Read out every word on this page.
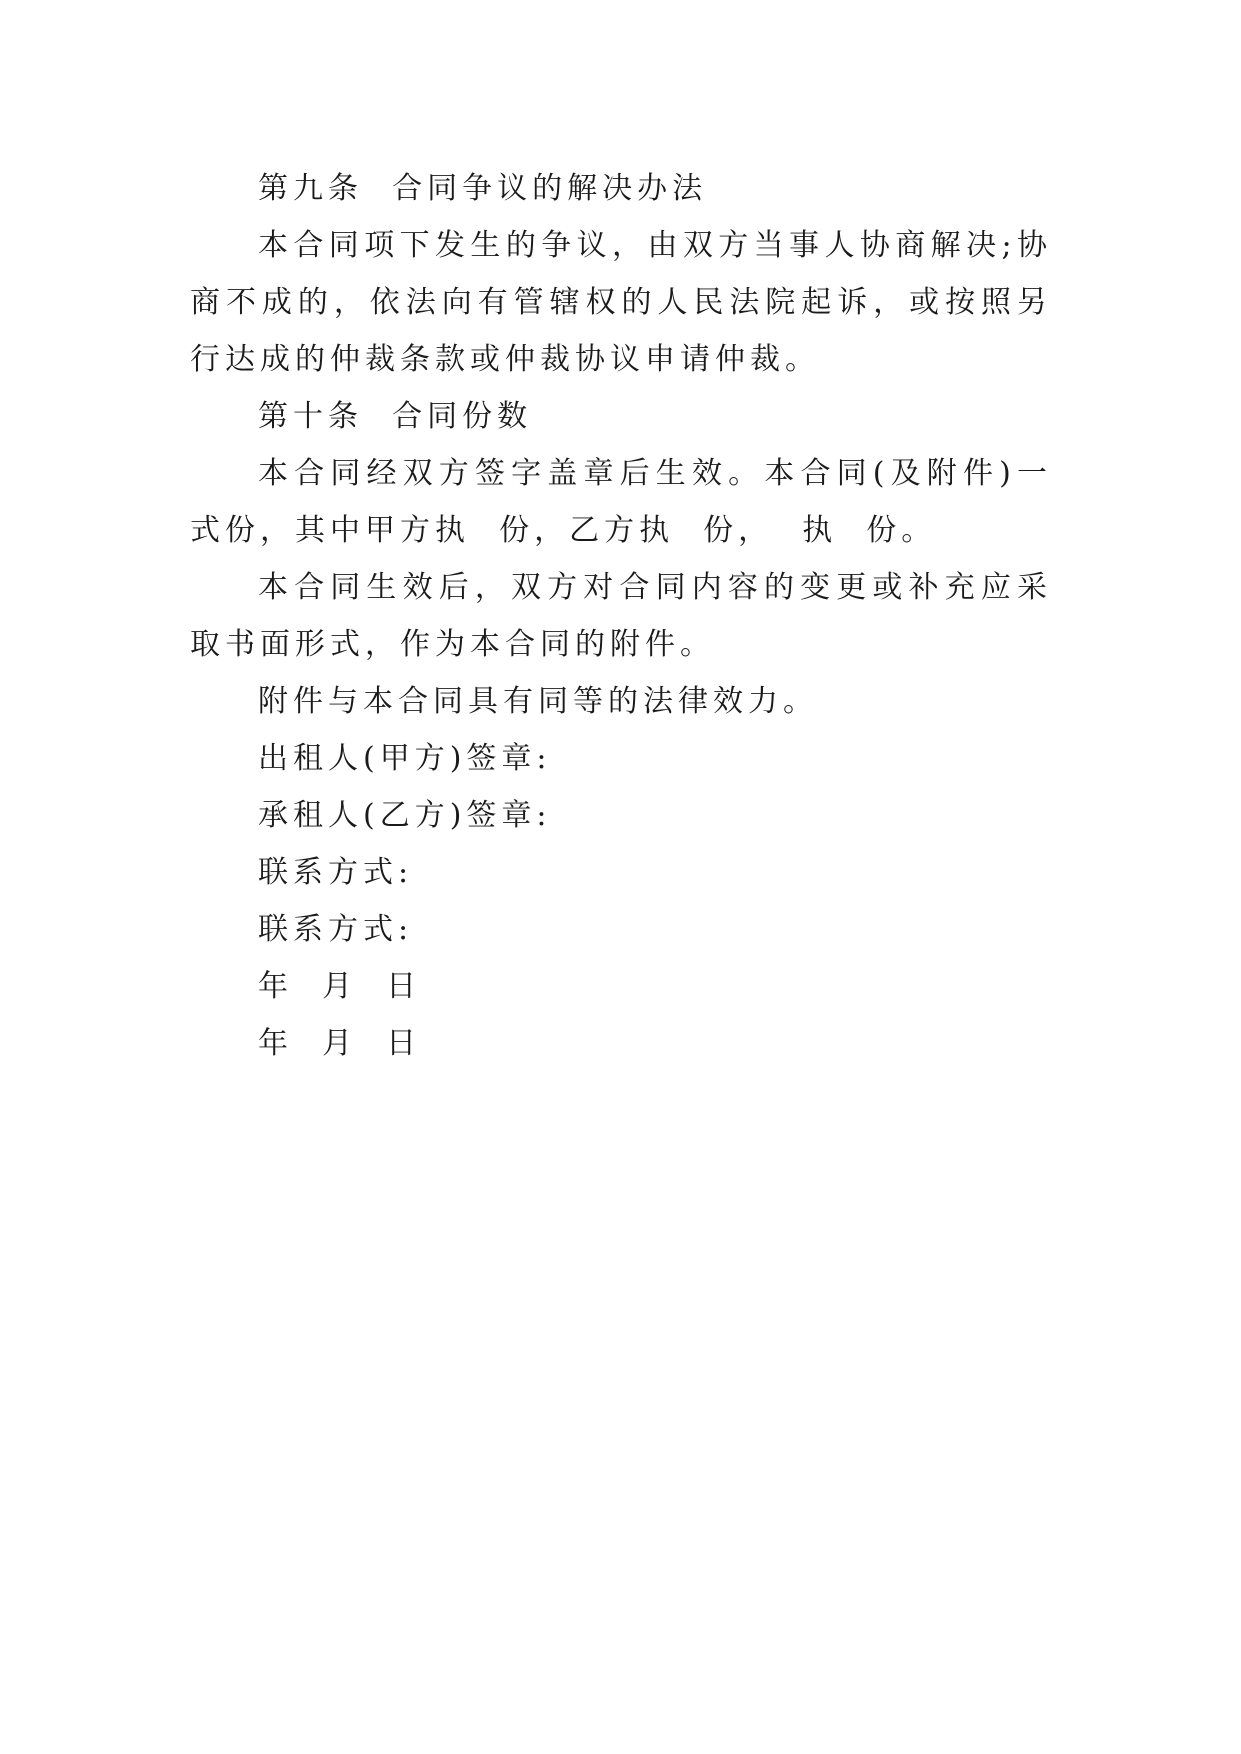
第九条  合同争议的解决办法

本合同项下发生的争议，由双方当事人协商解决;协商不成的，依法向有管辖权的人民法院起诉，或按照另行达成的仲裁条款或仲裁协议申请仲裁。

第十条  合同份数

本合同经双方签字盖章后生效。本合同(及附件)一式份，其中甲方执  份，乙方执  份，  执  份。

本合同生效后，双方对合同内容的变更或补充应采取书面形式，作为本合同的附件。

附件与本合同具有同等的法律效力。

出租人(甲方)签章:

承租人(乙方)签章:

联系方式:

联系方式:

年  月  日

年  月  日
